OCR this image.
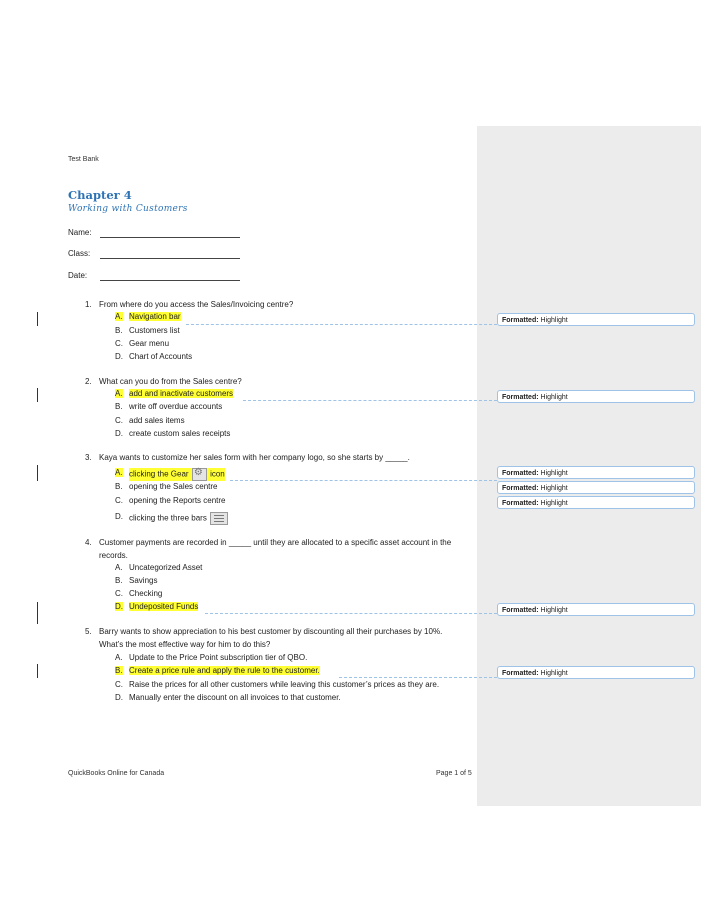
Test Bank
Chapter 4
Working with Customers
Name:
Class:
Date:
1. From where do you access the Sales/Invoicing centre?
A. Navigation bar
B. Customers list
C. Gear menu
D. Chart of Accounts
2. What can you do from the Sales centre?
A. add and inactivate customers
B. write off overdue accounts
C. add sales items
D. create custom sales receipts
3. Kaya wants to customize her sales form with her company logo, so she starts by _____.
A. clicking the Gear ⚙	icon
B. opening the Sales centre
C. opening the Reports centre
D. clicking the three bars
4. Customer payments are recorded in _____ until they are allocated to a specific asset account in the records.
A. Uncategorized Asset
B. Savings
C. Checking
D. Undeposited Funds
5. Barry wants to show appreciation to his best customer by discounting all their purchases by 10%. What’s the most effective way for him to do this?
A. Update to the Price Point subscription tier of QBO.
B. Create a price rule and apply the rule to the customer.
C. Raise the prices for all other customers while leaving this customer’s prices as they are.
D. Manually enter the discount on all invoices to that customer.
Formatted: Highlight
Formatted: Highlight
Formatted: Highlight
Formatted: Highlight
Formatted: Highlight
Formatted: Highlight
Formatted: Highlight
QuickBooks Online for Canada	Page 1 of 5
